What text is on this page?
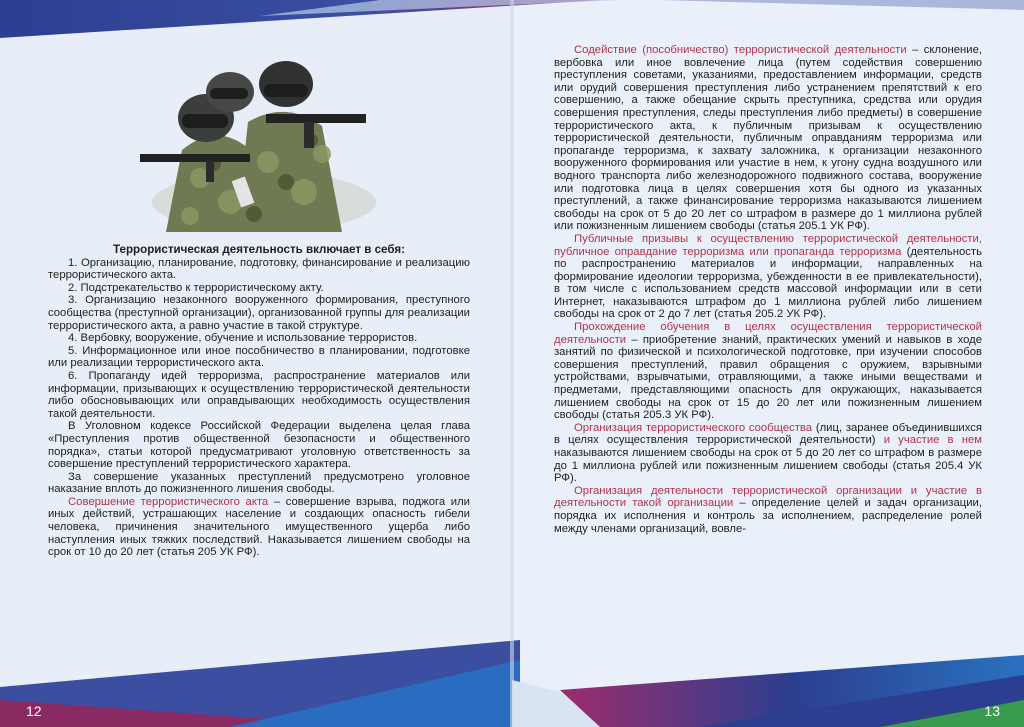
Террористическая деятельность включает в себя:

1. Организацию, планирование, подготовку, финансирование и реализацию террористического акта.

2. Подстрекательство к террористическому акту.

3. Организацию незаконного вооруженного формирования, преступного сообщества (преступной организации), организованной группы для реализации террористического акта, а равно участие в такой структуре.

4. Вербовку, вооружение, обучение и использование террористов.

5. Информационное или иное пособничество в планировании, подготовке или реализации террористического акта.

6. Пропаганду идей терроризма, распространение материалов или информации, призывающих к осуществлению террористической деятельности либо обосновывающих или оправдывающих необходимость осуществления такой деятельности.

В Уголовном кодексе Российской Федерации выделена целая глава «Преступления против общественной безопасности и общественного порядка», статьи которой предусматривают уголовную ответственность за совершение преступлений террористического характера.

За совершение указанных преступлений предусмотрено уголовное наказание вплоть до пожизненного лишения свободы.

Совершение террористического акта – совершение взрыва, поджога или иных действий, устрашающих население и создающих опасность гибели человека, причинения значительного имущественного ущерба либо наступления иных тяжких последствий. Наказывается лишением свободы на срок от 10 до 20 лет (статья 205 УК РФ).

Содействие (пособничество) террористической деятельности – склонение, вербовка или иное вовлечение лица (путем содействия совершению преступления советами, указаниями, предоставлением информации, средств или орудий совершения преступления либо устранением препятствий к его совершению, а также обещание скрыть преступника, средства или орудия совершения преступления, следы преступления либо предметы) в совершение террористического акта, к публичным призывам к осуществлению террористической деятельности, публичным оправданиям терроризма или пропаганде терроризма, к захвату заложника, к организации незаконного вооруженного формирования или участие в нем, к угону судна воздушного или водного транспорта либо железнодорожного подвижного состава, вооружение или подготовка лица в целях совершения хотя бы одного из указанных преступлений, а также финансирование терроризма наказываются лишением свободы на срок от 5 до 20 лет со штрафом в размере до 1 миллиона рублей или пожизненным лишением свободы (статья 205.1 УК РФ).

Публичные призывы к осуществлению террористической деятельности, публичное оправдание терроризма или пропаганда терроризма (деятельность по распространению материалов и информации, направленных на формирование идеологии терроризма, убежденности в ее привлекательности), в том числе с использованием средств массовой информации или в сети Интернет, наказываются штрафом до 1 миллиона рублей либо лишением свободы на срок от 2 до 7 лет (статья 205.2 УК РФ).

Прохождение обучения в целях осуществления террористической деятельности – приобретение знаний, практических умений и навыков в ходе занятий по физической и психологической подготовке, при изучении способов совершения преступлений, правил обращения с оружием, взрывными устройствами, взрывчатыми, отравляющими, а также иными веществами и предметами, представляющими опасность для окружающих, наказывается лишением свободы на срок от 15 до 20 лет или пожизненным лишением свободы (статья 205.3 УК РФ).

Организация террористического сообщества (лиц, заранее объединившихся в целях осуществления террористической деятельности) и участие в нем наказываются лишением свободы на срок от 5 до 20 лет со штрафом в размере до 1 миллиона рублей или пожизненным лишением свободы (статья 205.4 УК РФ).

Организация деятельности террористической организации и участие в деятельности такой организации – определение целей и задач организации, порядка их исполнения и контроль за исполнением, распределение ролей между членами организаций, вовле-

12	13
